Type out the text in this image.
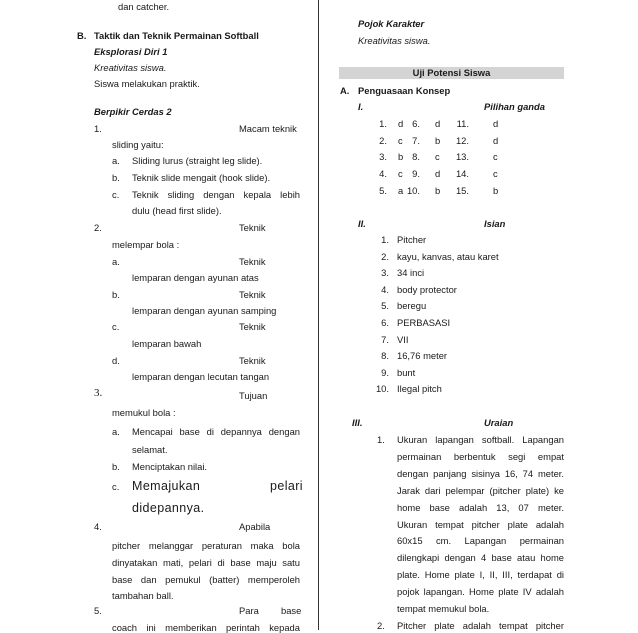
dan catcher.
B. Taktik dan Teknik Permainan Softball
Eksplorasi Diri 1
Kreativitas siswa.
Siswa melakukan praktik.
Berpikir Cerdas 2
1.	Macam teknik
sliding yaitu:
a. Sliding lurus (straight leg slide).
b. Teknik slide mengait (hook slide).
c. Teknik sliding dengan kepala lebih
dulu (head first slide).
2.	Teknik
melempar bola :
a.	Teknik
lemparan dengan ayunan atas
b.	Teknik
lemparan dengan ayunan samping
c.	Teknik
lemparan bawah
d.	Teknik
lemparan dengan lecutan tangan
3.	Tujuan
memukul bola :
a. Mencapai base di depannya dengan
selamat.
b. Menciptakan nilai.
c. Memajukan	pelari
didepannya.
4.	Apabila
pitcher melanggar peraturan maka bola
dinyatakan mati, pelari di base maju satu
base dan pemukul (batter) memperoleh
tambahan ball.
5.	Para base
coach ini memberikan perintah kepada
Pojok Karakter
Kreativitas siswa.
Uji Potensi Siswa
A. Penguasaan Konsep
I.	Pilihan ganda
1. d 6. d 11.	d
2. c 7. b 12.	d
3. b 8. c 13.	c
4. c 9. d 14.	c
5. a 10. b 15.	b
II.	Isian
1. Pitcher
2. kayu, kanvas, atau karet
3. 34 inci
4. body protector
5. beregu
6. PERBASASI
7. VII
8. 16,76 meter
9. bunt
10. Ilegal pitch
III.	Uraian
1. Ukuran lapangan softball. Lapangan
permainan berbentuk segi empat
dengan panjang sisinya 16, 74 meter.
Jarak dari pelempar (pitcher plate) ke
home base adalah 13, 07 meter.
Ukuran tempat pitcher plate adalah
60x15 cm. Lapangan permainan
dilengkapi dengan 4 base atau home
plate. Home plate I, II, III, terdapat di
pojok lapangan. Home plate IV adalah
tempat memukul bola.
2. Pitcher plate adalah tempat pitcher
